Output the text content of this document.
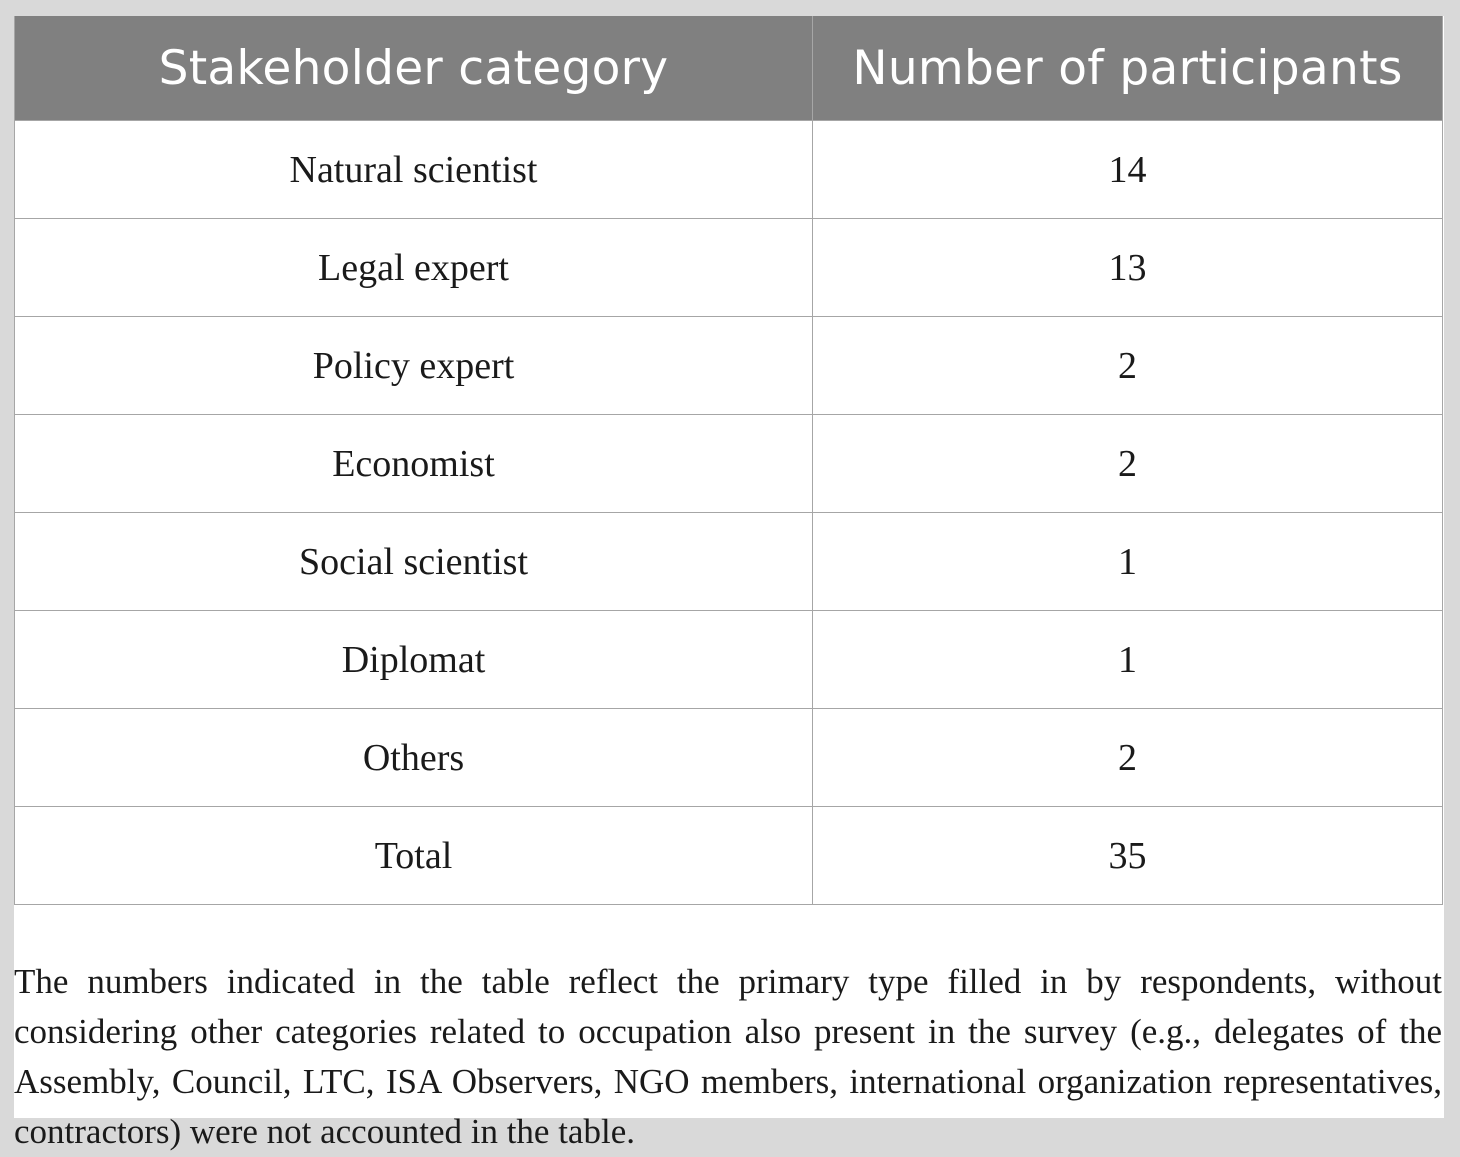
Stakeholder category	Number of participants
Natural scientist	14
Legal expert	13
Policy expert	2
Economist	2
Social scientist	1
Diplomat	1
Others	2
Total	35

The numbers indicated in the table reflect the primary type filled in by respondents, without considering other categories related to occupation also present in the survey (e.g., delegates of the Assembly, Council, LTC, ISA Observers, NGO members, international organization representatives, contractors) were not accounted in the table.
